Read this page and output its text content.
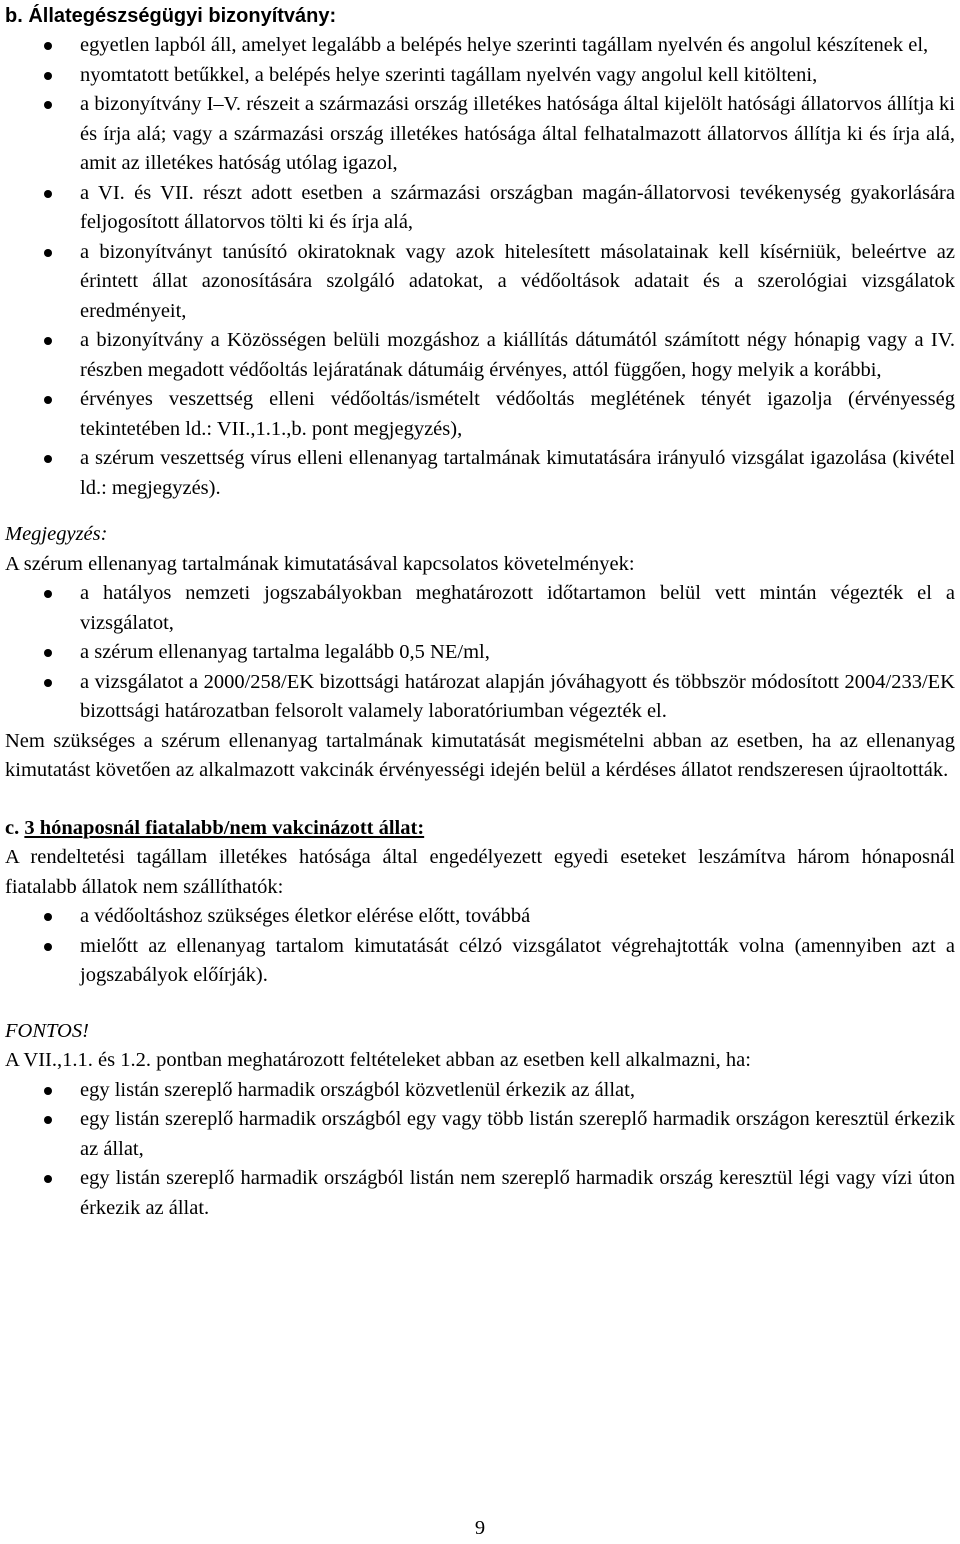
b. Állategészségügyi bizonyítvány:
egyetlen lapból áll, amelyet legalább a belépés helye szerinti tagállam nyelvén és angolul készítenek el,
nyomtatott betűkkel, a belépés helye szerinti tagállam nyelvén vagy angolul kell kitölteni,
a bizonyítvány I–V. részeit a származási ország illetékes hatósága által kijelölt hatósági állatorvos állítja ki és írja alá; vagy a származási ország illetékes hatósága által felhatalmazott állatorvos állítja ki és írja alá, amit az illetékes hatóság utólag igazol,
a VI. és VII. részt adott esetben a származási országban magán-állatorvosi tevékenység gyakorlására feljogosított állatorvos tölti ki és írja alá,
a bizonyítványt tanúsító okiratoknak vagy azok hitelesített másolatainak kell kísérniük, beleértve az érintett állat azonosítására szolgáló adatokat, a védőoltások adatait és a szerológiai vizsgálatok eredményeit,
a bizonyítvány a Közösségen belüli mozgáshoz a kiállítás dátumától számított négy hónapig vagy a IV. részben megadott védőoltás lejáratának dátumáig érvényes, attól függően, hogy melyik a korábbi,
érvényes veszettség elleni védőoltás/ismételt védőoltás meglétének tényét igazolja (érvényesség tekintetében ld.: VII.,1.1.,b. pont megjegyzés),
a szérum veszettség vírus elleni ellenanyag tartalmának kimutatására irányuló vizsgálat igazolása (kivétel ld.: megjegyzés).

Megjegyzés:

A szérum ellenanyag tartalmának kimutatásával kapcsolatos követelmények:

a hatályos nemzeti jogszabályokban meghatározott időtartamon belül vett mintán végezték el a vizsgálatot,
a szérum ellenanyag tartalma legalább 0,5 NE/ml,
a vizsgálatot a 2000/258/EK bizottsági határozat alapján jóváhagyott és többször módosított 2004/233/EK bizottsági határozatban felsorolt valamely laboratóriumban végezték el.

Nem szükséges a szérum ellenanyag tartalmának kimutatását megismételni abban az esetben, ha az ellenanyag kimutatást követően az alkalmazott vakcinák érvényességi idején belül a kérdéses állatot rendszeresen újraoltották.

c. 3 hónaposnál fiatalabb/nem vakcinázott állat:

A rendeltetési tagállam illetékes hatósága által engedélyezett egyedi eseteket leszámítva három hónaposnál fiatalabb állatok nem szállíthatók:

a védőoltáshoz szükséges életkor elérése előtt, továbbá
mielőtt az ellenanyag tartalom kimutatását célzó vizsgálatot végrehajtották volna (amennyiben azt a jogszabályok előírják).

FONTOS!

A VII.,1.1. és 1.2. pontban meghatározott feltételeket abban az esetben kell alkalmazni, ha:

egy listán szereplő harmadik országból közvetlenül érkezik az állat,
egy listán szereplő harmadik országból egy vagy több listán szereplő harmadik országon keresztül érkezik az állat,
egy listán szereplő harmadik országból listán nem szereplő harmadik ország keresztül légi vagy vízi úton érkezik az állat.
9
